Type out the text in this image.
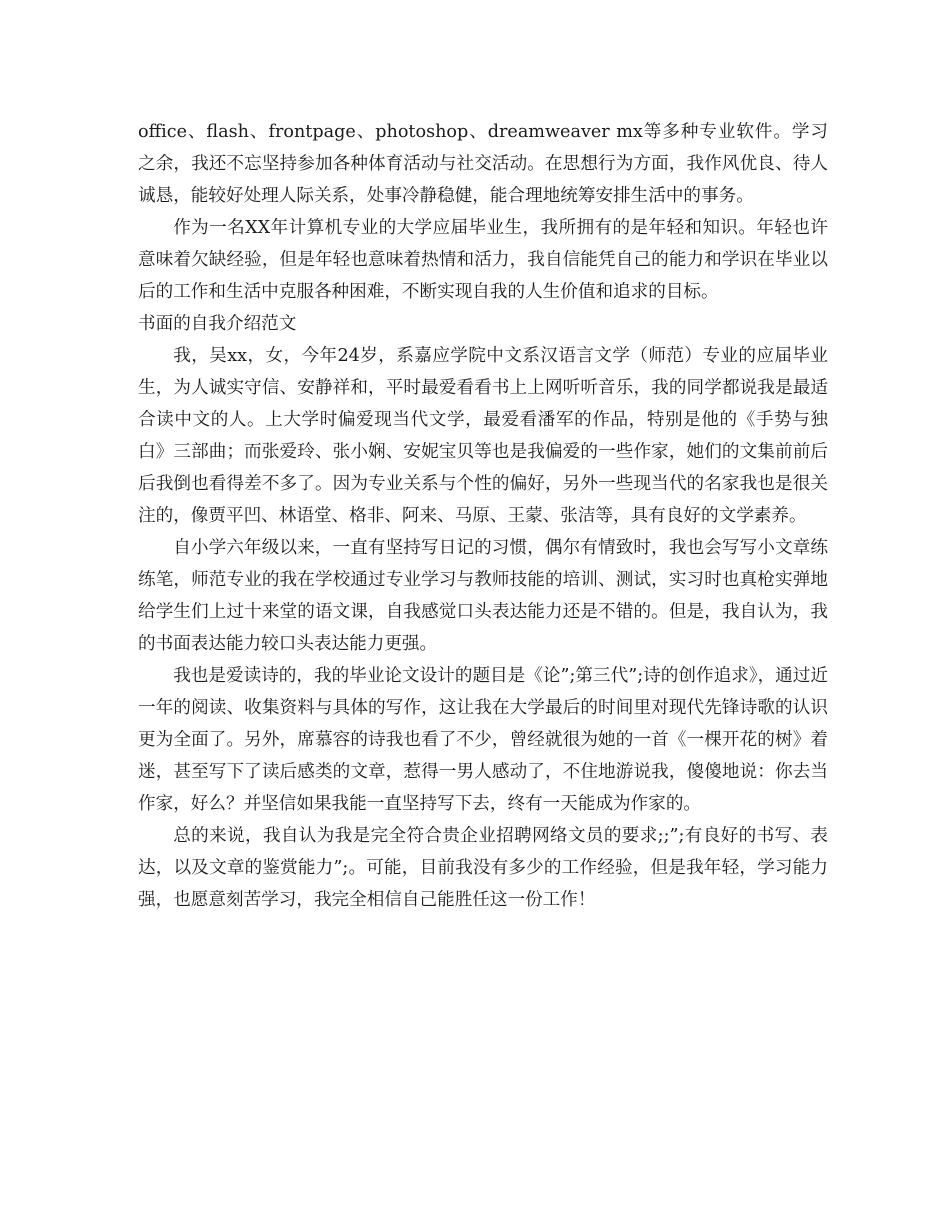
office、flash、frontpage、photoshop、dreamweaver mx等多种专业软件。学习之余，我还不忘坚持参加各种体育活动与社交活动。在思想行为方面，我作风优良、待人诚恳，能较好处理人际关系，处事冷静稳健，能合理地统筹安排生活中的事务。

作为一名XX年计算机专业的大学应届毕业生，我所拥有的是年轻和知识。年轻也许意味着欠缺经验，但是年轻也意味着热情和活力，我自信能凭自己的能力和学识在毕业以后的工作和生活中克服各种困难，不断实现自我的人生价值和追求的目标。

书面的自我介绍范文

我，吴xx，女，今年24岁，系嘉应学院中文系汉语言文学（师范）专业的应届毕业生，为人诚实守信、安静祥和，平时最爱看看书上上网听听音乐，我的同学都说我是最适合读中文的人。上大学时偏爱现当代文学，最爱看潘军的作品，特别是他的《手势与独白》三部曲；而张爱玲、张小娴、安妮宝贝等也是我偏爱的一些作家，她们的文集前前后后我倒也看得差不多了。因为专业关系与个性的偏好，另外一些现当代的名家我也是很关注的，像贾平凹、林语堂、格非、阿来、马原、王蒙、张洁等，具有良好的文学素养。

自小学六年级以来，一直有坚持写日记的习惯，偶尔有情致时，我也会写写小文章练练笔，师范专业的我在学校通过专业学习与教师技能的培训、测试，实习时也真枪实弹地给学生们上过十来堂的语文课，自我感觉口头表达能力还是不错的。但是，我自认为，我的书面表达能力较口头表达能力更强。

我也是爱读诗的，我的毕业论文设计的题目是《论”;第三代”;诗的创作追求》，通过近一年的阅读、收集资料与具体的写作，这让我在大学最后的时间里对现代先锋诗歌的认识更为全面了。另外，席慕容的诗我也看了不少，曾经就很为她的一首《一棵开花的树》着迷，甚至写下了读后感类的文章，惹得一男人感动了，不住地游说我，傻傻地说：你去当作家，好么？并坚信如果我能一直坚持写下去，终有一天能成为作家的。

总的来说，我自认为我是完全符合贵企业招聘网络文员的要求;;”;有良好的书写、表达，以及文章的鉴赏能力”;。可能，目前我没有多少的工作经验，但是我年轻，学习能力强，也愿意刻苦学习，我完全相信自己能胜任这一份工作！
